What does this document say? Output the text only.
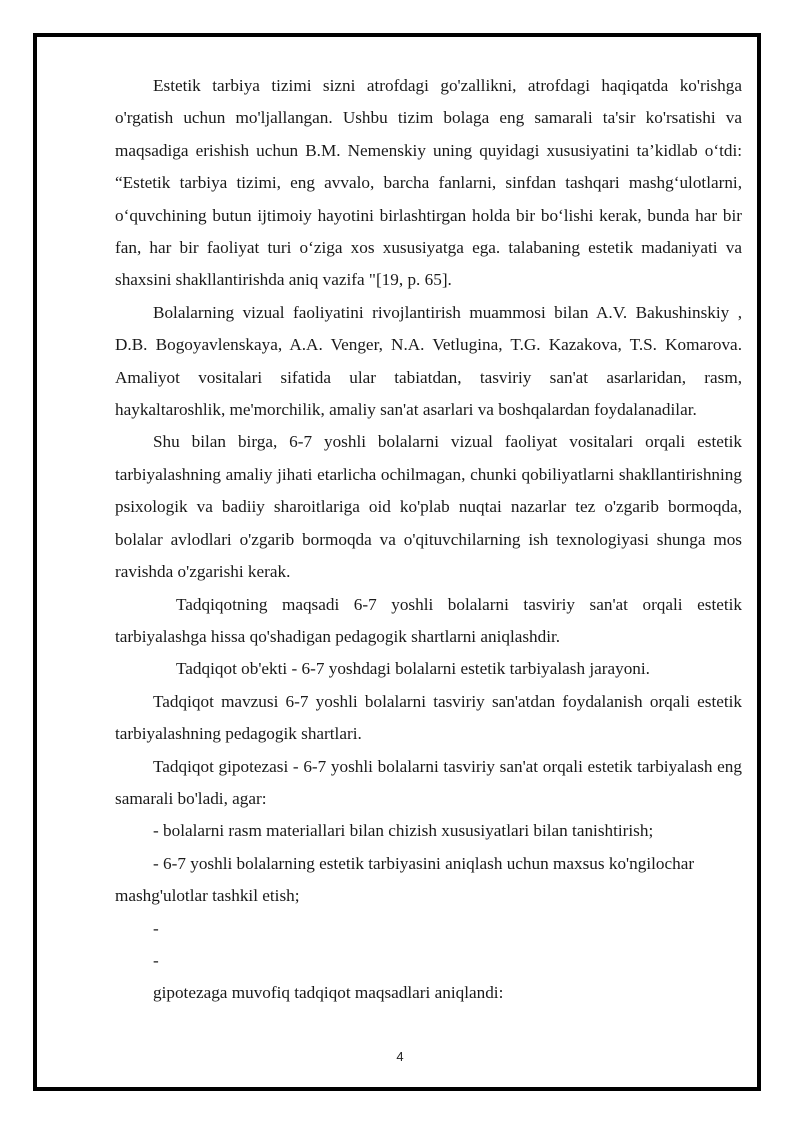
Estetik tarbiya tizimi sizni atrofdagi go'zallikni, atrofdagi haqiqatda ko'rishga o'rgatish uchun mo'ljallangan. Ushbu tizim bolaga eng samarali ta'sir ko'rsatishi va maqsadiga erishish uchun B.M. Nemenskiy uning quyidagi xususiyatini ta’kidlab o‘tdi: “Estetik tarbiya tizimi, eng avvalo, barcha fanlarni, sinfdan tashqari mashg‘ulotlarni, o‘quvchining butun ijtimoiy hayotini birlashtirgan holda bir bo‘lishi kerak, bunda har bir fan, har bir faoliyat turi o‘ziga xos xususiyatga ega. talabaning estetik madaniyati va shaxsini shakllantirishda aniq vazifa "[19, p. 65].

Bolalarning vizual faoliyatini rivojlantirish muammosi bilan A.V. Bakushinskiy , D.B. Bogoyavlenskaya, A.A. Venger, N.A. Vetlugina, T.G. Kazakova, T.S. Komarova. Amaliyot vositalari sifatida ular tabiatdan, tasviriy san'at asarlaridan, rasm, haykaltaroshlik, me'morchilik, amaliy san'at asarlari va boshqalardan foydalanadilar.

Shu bilan birga, 6-7 yoshli bolalarni vizual faoliyat vositalari orqali estetik tarbiyalashning amaliy jihati etarlicha ochilmagan, chunki qobiliyatlarni shakllantirishning psixologik va badiiy sharoitlariga oid ko'plab nuqtai nazarlar tez o'zgarib bormoqda, bolalar avlodlari o'zgarib bormoqda va o'qituvchilarning ish texnologiyasi shunga mos ravishda o'zgarishi kerak.

Tadqiqotning maqsadi 6-7 yoshli bolalarni tasviriy san'at orqali estetik tarbiyalashga hissa qo'shadigan pedagogik shartlarni aniqlashdir.

Tadqiqot ob'ekti - 6-7 yoshdagi bolalarni estetik tarbiyalash jarayoni.

Tadqiqot mavzusi 6-7 yoshli bolalarni tasviriy san'atdan foydalanish orqali estetik tarbiyalashning pedagogik shartlari.

Tadqiqot gipotezasi - 6-7 yoshli bolalarni tasviriy san'at orqali estetik tarbiyalash eng samarali bo'ladi, agar:

- bolalarni rasm materiallari bilan chizish xususiyatlari bilan tanishtirish;

- 6-7 yoshli bolalarning estetik tarbiyasini aniqlash uchun maxsus ko'ngilochar mashg'ulotlar tashkil etish;

-

-

gipotezaga muvofiq tadqiqot maqsadlari aniqlandi:

4
